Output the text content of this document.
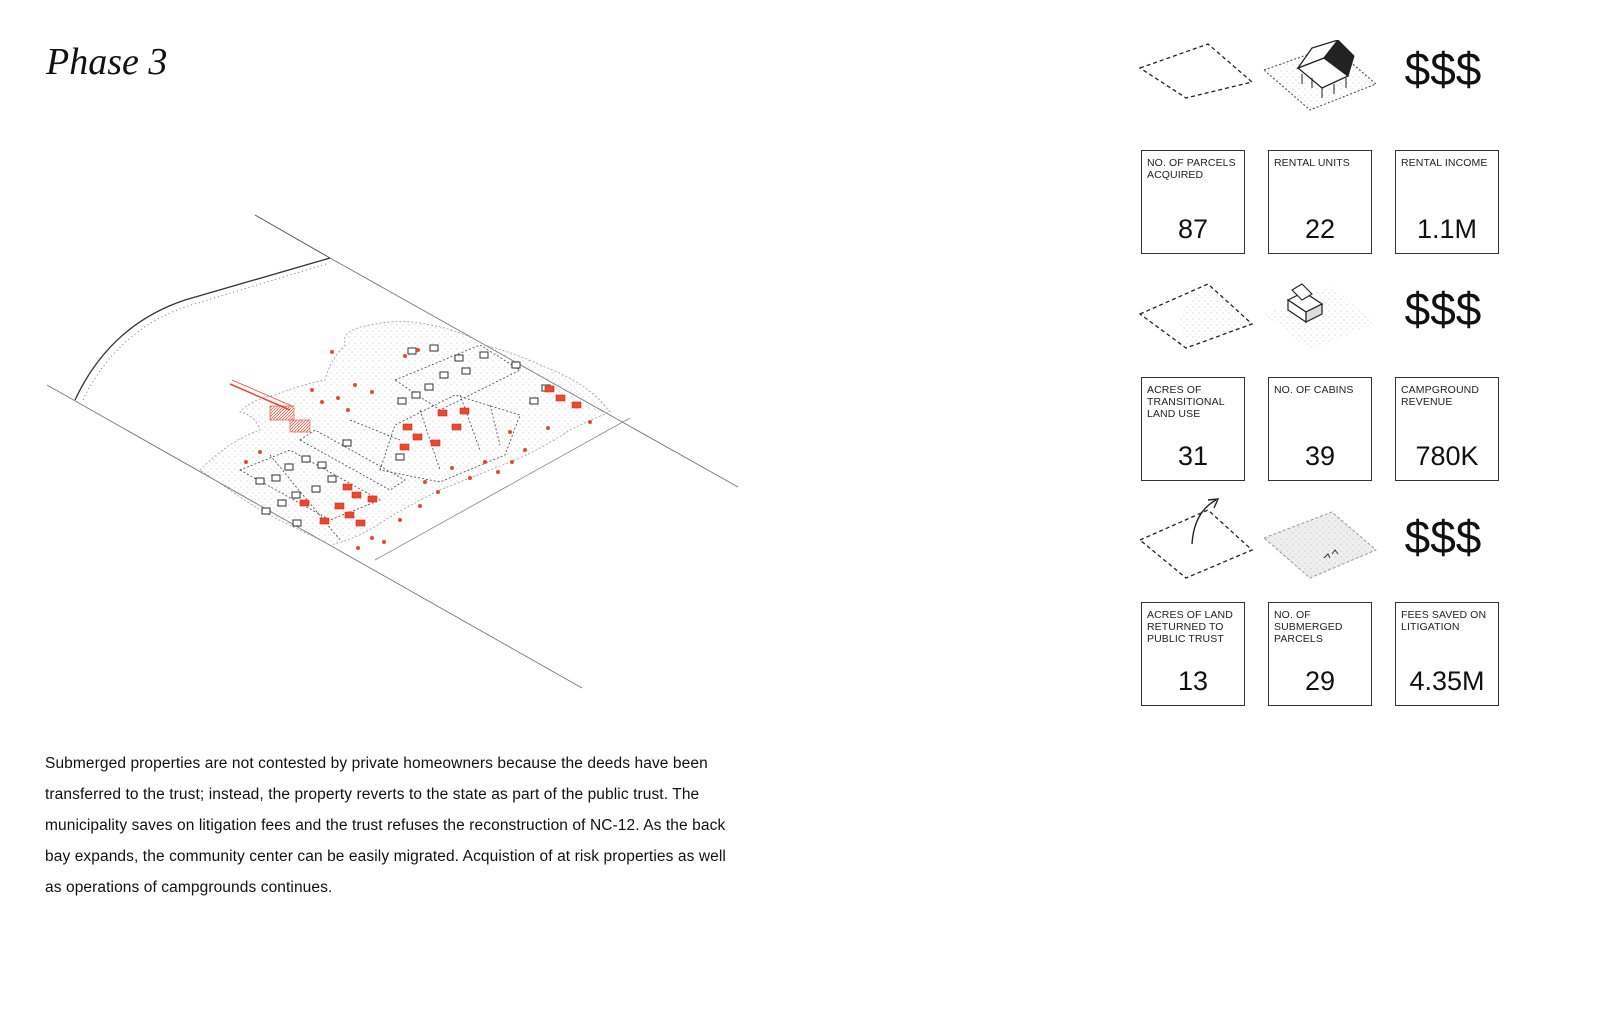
Phase 3

Submerged properties are not contested by private homeowners because the deeds have been transferred to the trust; instead, the property reverts to the state as part of the public trust. The municipality saves on litigation fees and the trust refuses the reconstruction of NC-12. As the back bay expands, the community center can be easily migrated. Acquistion of at risk properties as well as operations of campgrounds continues.

$$$
NO. OF PARCELS ACQUIRED
87
RENTAL UNITS
22
RENTAL INCOME
1.1M
$$$
ACRES OF TRANSITIONAL LAND USE
31
NO. OF CABINS
39
CAMPGROUND REVENUE
780K
$$$
ACRES OF LAND RETURNED TO PUBLIC TRUST
13
NO. OF SUBMERGED PARCELS
29
FEES SAVED ON LITIGATION
4.35M
